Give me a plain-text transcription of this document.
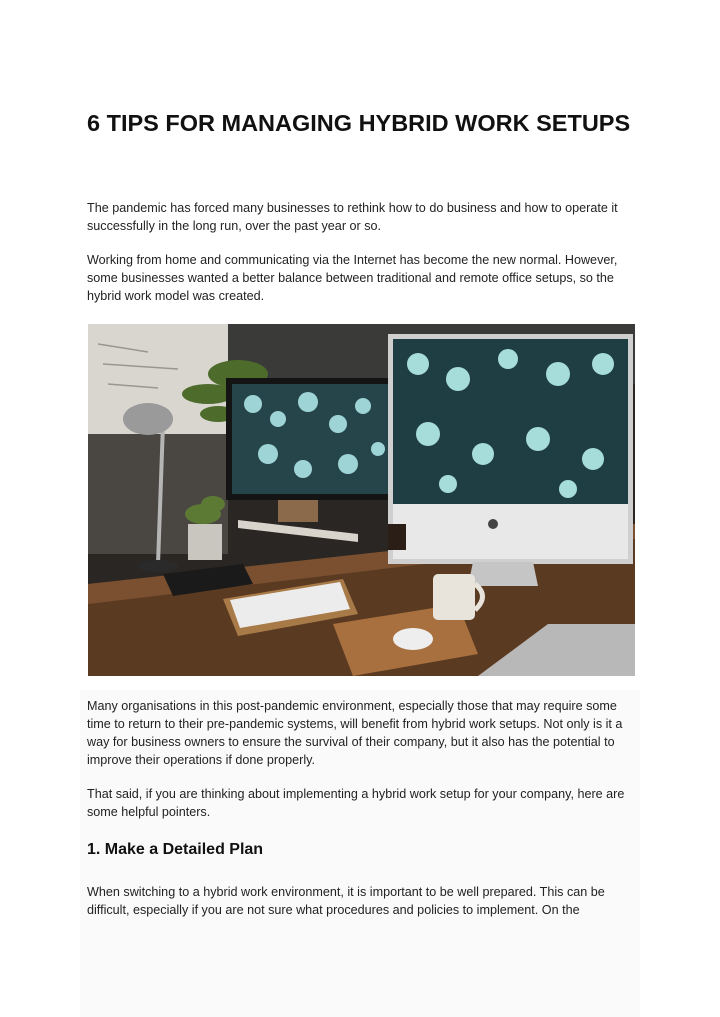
6 TIPS FOR MANAGING HYBRID WORK SETUPS

The pandemic has forced many businesses to rethink how to do business and how to operate it successfully in the long run, over the past year or so.

Working from home and communicating via the Internet has become the new normal. However, some businesses wanted a better balance between traditional and remote office setups, so the hybrid work model was created.

Many organisations in this post-pandemic environment, especially those that may require some time to return to their pre-pandemic systems, will benefit from hybrid work setups. Not only is it a way for business owners to ensure the survival of their company, but it also has the potential to improve their operations if done properly.

That said, if you are thinking about implementing a hybrid work setup for your company, here are some helpful pointers.

1. Make a Detailed Plan

When switching to a hybrid work environment, it is important to be well prepared. This can be difficult, especially if you are not sure what procedures and policies to implement. On the
